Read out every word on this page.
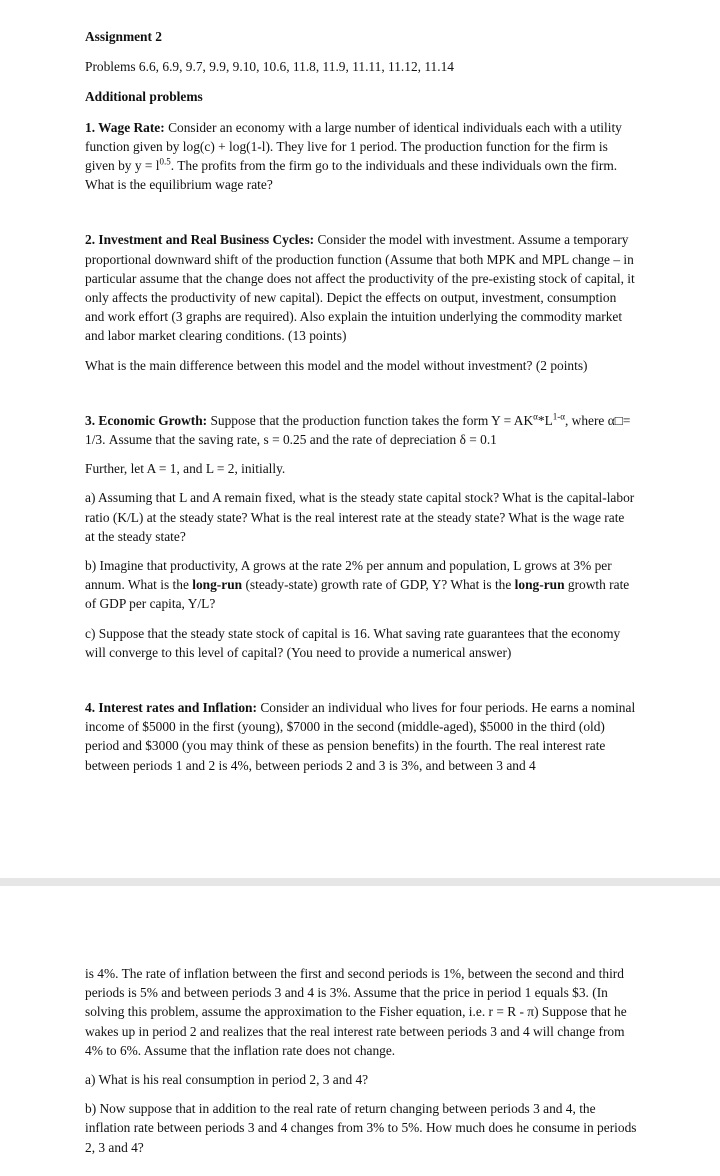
Assignment 2

Problems 6.6, 6.9, 9.7, 9.9, 9.10, 10.6, 11.8, 11.9, 11.11, 11.12, 11.14

Additional problems

1. Wage Rate: Consider an economy with a large number of identical individuals each with a utility function given by log(c) + log(1-l). They live for 1 period. The production function for the firm is given by $y = l^{0.5}$. The profits from the firm go to the individuals and these individuals own the firm. What is the equilibrium wage rate?

2. Investment and Real Business Cycles: Consider the model with investment. Assume a temporary proportional downward shift of the production function (Assume that both MPK and MPL change – in particular assume that the change does not affect the productivity of the pre-existing stock of capital, it only affects the productivity of new capital). Depict the effects on output, investment, consumption and work effort (3 graphs are required). Also explain the intuition underlying the commodity market and labor market clearing conditions. (13 points)

What is the main difference between this model and the model without investment? (2 points)

3. Economic Growth: Suppose that the production function takes the form $Y = AK^\alpha*L^{1-\alpha}$, where α□= 1/3. Assume that the saving rate, s = 0.25 and the rate of depreciation δ = 0.1

Further, let A = 1, and L = 2, initially.

a) Assuming that L and A remain fixed, what is the steady state capital stock? What is the capital-labor ratio (K/L) at the steady state? What is the real interest rate at the steady state? What is the wage rate at the steady state?

b) Imagine that productivity, A grows at the rate 2% per annum and population, L grows at 3% per annum. What is the long-run (steady-state) growth rate of GDP, Y? What is the long-run growth rate of GDP per capita, Y/L?

c) Suppose that the steady state stock of capital is 16. What saving rate guarantees that the economy will converge to this level of capital? (You need to provide a numerical answer)

4. Interest rates and Inflation: Consider an individual who lives for four periods. He earns a nominal income of $5000 in the first (young), $7000 in the second (middle-aged), $5000 in the third (old) period and $3000 (you may think of these as pension benefits) in the fourth. The real interest rate between periods 1 and 2 is 4%, between periods 2 and 3 is 3%, and between 3 and 4

is 4%. The rate of inflation between the first and second periods is 1%, between the second and third periods is 5% and between periods 3 and 4 is 3%. Assume that the price in period 1 equals $3. (In solving this problem, assume the approximation to the Fisher equation, i.e. r = R - π) Suppose that he wakes up in period 2 and realizes that the real interest rate between periods 3 and 4 will change from 4% to 6%. Assume that the inflation rate does not change.

a) What is his real consumption in period 2, 3 and 4?

b) Now suppose that in addition to the real rate of return changing between periods 3 and 4, the inflation rate between periods 3 and 4 changes from 3% to 5%. How much does he consume in periods 2, 3 and 4?
